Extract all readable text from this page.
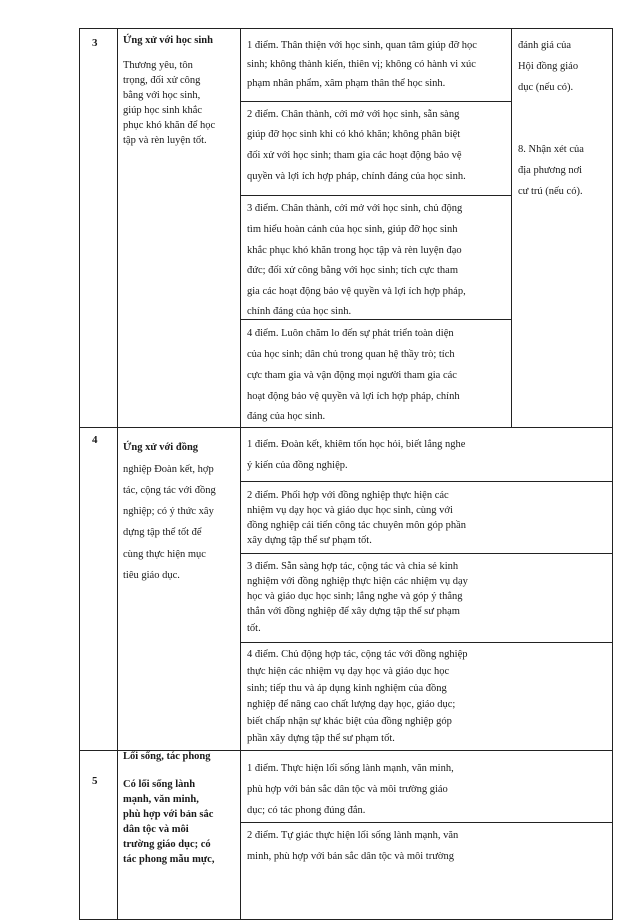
3 Ứng xử với học sinh
Thương yêu, tôn
trọng, đối xử công
bằng với học sinh,
giúp học sinh khắc
phục khó khăn để học
tập và rèn luyện tốt.
1 điểm. Thân thiện với học sinh, quan tâm giúp đỡ học
sinh; không thành kiến, thiên vị; không có hành vi xúc
phạm nhân phẩm, xâm phạm thân thể học sinh.
2 điểm. Chân thành, cởi mở với học sinh, sẵn sàng
giúp đỡ học sinh khi có khó khăn; không phân biệt
đối xử với học sinh; tham gia các hoạt động bảo vệ
quyền và lợi ích hợp pháp, chính đáng của học sinh.
3 điểm. Chân thành, cởi mở với học sinh, chủ động
tìm hiểu hoàn cảnh của học sinh, giúp đỡ học sinh
khắc phục khó khăn trong học tập và rèn luyện đạo
đức; đối xử công bằng với học sinh; tích cực tham
gia các hoạt động bảo vệ quyền và lợi ích hợp pháp,
chính đáng của học sinh.
4 điểm. Luôn chăm lo đến sự phát triển toàn diện
của học sinh; dân chủ trong quan hệ thầy trò; tích
cực tham gia và vận động mọi người tham gia các
hoạt động bảo vệ quyền và lợi ích hợp pháp, chính
đáng của học sinh.
đánh giá của
Hội đồng giáo
dục (nếu có).
8. Nhận xét của
địa phương nơi
cư trú (nếu có).
4
Ứng xử với đồng
nghiệp Đoàn kết, hợp
tác, cộng tác với đồng
nghiệp; có ý thức xây
dựng tập thể tốt để
cùng thực hiện mục
tiêu giáo dục.
1 điểm. Đoàn kết, khiêm tốn học hỏi, biết lắng nghe
ý kiến của đồng nghiệp.
2 điểm. Phối hợp với đồng nghiệp thực hiện các
nhiệm vụ dạy học và giáo dục học sinh, cùng với
đồng nghiệp cải tiến công tác chuyên môn góp phần
xây dựng tập thể sư phạm tốt.
3 điểm. Sẵn sàng hợp tác, cộng tác và chia sẻ kinh
nghiệm với đồng nghiệp thực hiện các nhiệm vụ dạy
học và giáo dục học sinh; lắng nghe và góp ý thẳng
thắn với đồng nghiệp để xây dựng tập thể sư phạm
tốt.
4 điểm. Chủ động hợp tác, cộng tác với đồng nghiệp
thực hiện các nhiệm vụ dạy học và giáo dục học
sinh; tiếp thu và áp dụng kinh nghiệm của đồng
nghiệp để nâng cao chất lượng dạy học, giáo dục;
biết chấp nhận sự khác biệt của đồng nghiệp góp
phần xây dựng tập thể sư phạm tốt.
5
Lối sống, tác phong
Có lối sống lành
mạnh, văn minh,
phù hợp với bản sắc
dân tộc và môi
trường giáo dục; có
tác phong mẫu mực,
1 điểm. Thực hiện lối sống lành mạnh, văn minh,
phù hợp với bản sắc dân tộc và môi trường giáo
dục; có tác phong đúng đắn.
2 điểm. Tự giác thực hiện lối sống lành mạnh, văn
minh, phù hợp với bản sắc dân tộc và môi trường
